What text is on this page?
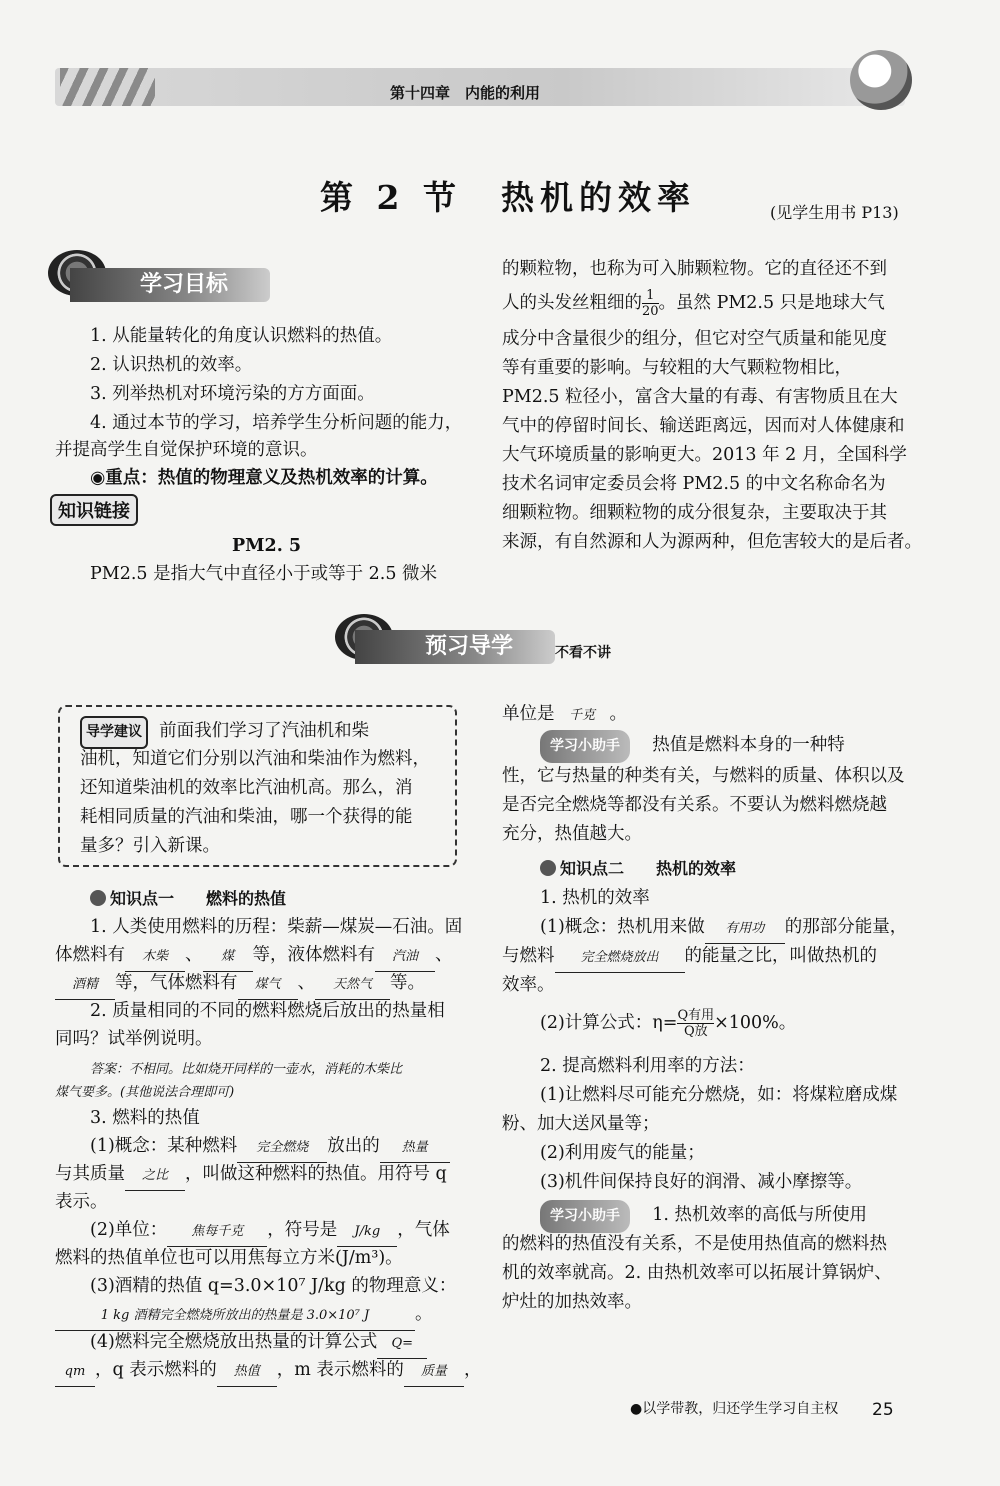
第十四章　内能的利用
第 2 节　热机的效率	(见学生用书 P13)
学习目标
1. 从能量转化的角度认识燃料的热值。
2. 认识热机的效率。
3. 列举热机对环境污染的方方面面。
4. 通过本节的学习，培养学生分析问题的能力，
并提高学生自觉保护环境的意识。
◉重点：热值的物理意义及热机效率的计算。
知识链接
PM2. 5
PM2.5 是指大气中直径小于或等于 2.5 微米
的颗粒物，也称为可入肺颗粒物。它的直径还不到
人的头发丝粗细的 $\frac{1}{20}$ 。虽然 PM2.5 只是地球大气
成分中含量很少的组分，但它对空气质量和能见度
等有重要的影响。与较粗的大气颗粒物相比，
PM2.5 粒径小，富含大量的有毒、有害物质且在大
气中的停留时间长、输送距离远，因而对人体健康和
大气环境质量的影响更大。2013 年 2 月，全国科学
技术名词审定委员会将 PM2.5 的中文名称命名为
细颗粒物。细颗粒物的成分很复杂，主要取决于其
来源，有自然源和人为源两种，但危害较大的是后者。
预习导学	不看不讲
导学建议 前面我们学习了汽油机和柴
油机，知道它们分别以汽油和柴油作为燃料，
还知道柴油机的效率比汽油机高。那么，消
耗相同质量的汽油和柴油，哪一个获得的能
量多？引入新课。
知识点一　　燃料的热值
1. 人类使用燃料的历程：柴薪—煤炭—石油。固
体燃料有 木柴 、 煤 等，液体燃料有 汽油 、
酒精 等，气体燃料有 煤气 、 天然气 等。
2. 质量相同的不同的燃料燃烧后放出的热量相
同吗？试举例说明。
答案：不相同。比如烧开同样的一壶水，消耗的木柴比
煤气要多。(其他说法合理即可)
3. 燃料的热值
(1)概念：某种燃料 完全燃烧 放出的 热量
与其质量 之比 ，叫做这种燃料的热值。用符号 q
表示。
(2)单位： 焦每千克 ，符号是 J/kg ，气体
燃料的热值单位也可以用焦每立方米(J/m³)。
(3)酒精的热值 q=3.0×10⁷ J/kg 的物理意义：
1 kg 酒精完全燃烧所放出的热量是 3.0×10⁷ J	。
(4)燃料完全燃烧放出热量的计算公式 Q=
qm ，q 表示燃料的 热值 ，m 表示燃料的 质量 ，
单位是 千克 。
学习小助手 热值是燃料本身的一种特
性，它与热量的种类有关，与燃料的质量、体积以及
是否完全燃烧等都没有关系。不要认为燃料燃烧越
充分，热值越大。
知识点二　　热机的效率
1. 热机的效率
(1)概念：热机用来做 有用功 的那部分能量，
与燃料 完全燃烧放出 的能量之比，叫做热机的
效率。
(2)计算公式：$\eta= \frac{\text{Q有用}}{\text{Q放}} \times 100\%$。
2. 提高燃料利用率的方法：
(1)让燃料尽可能充分燃烧，如：将煤粒磨成煤
粉、加大送风量等；
(2)利用废气的能量；
(3)机件间保持良好的润滑、减小摩擦等。
学习小助手 1. 热机效率的高低与所使用
的燃料的热值没有关系，不是使用热值高的燃料热
机的效率就高。2. 由热机效率可以拓展计算锅炉、
炉灶的加热效率。
●以学带教，归还学生学习自主权 25
